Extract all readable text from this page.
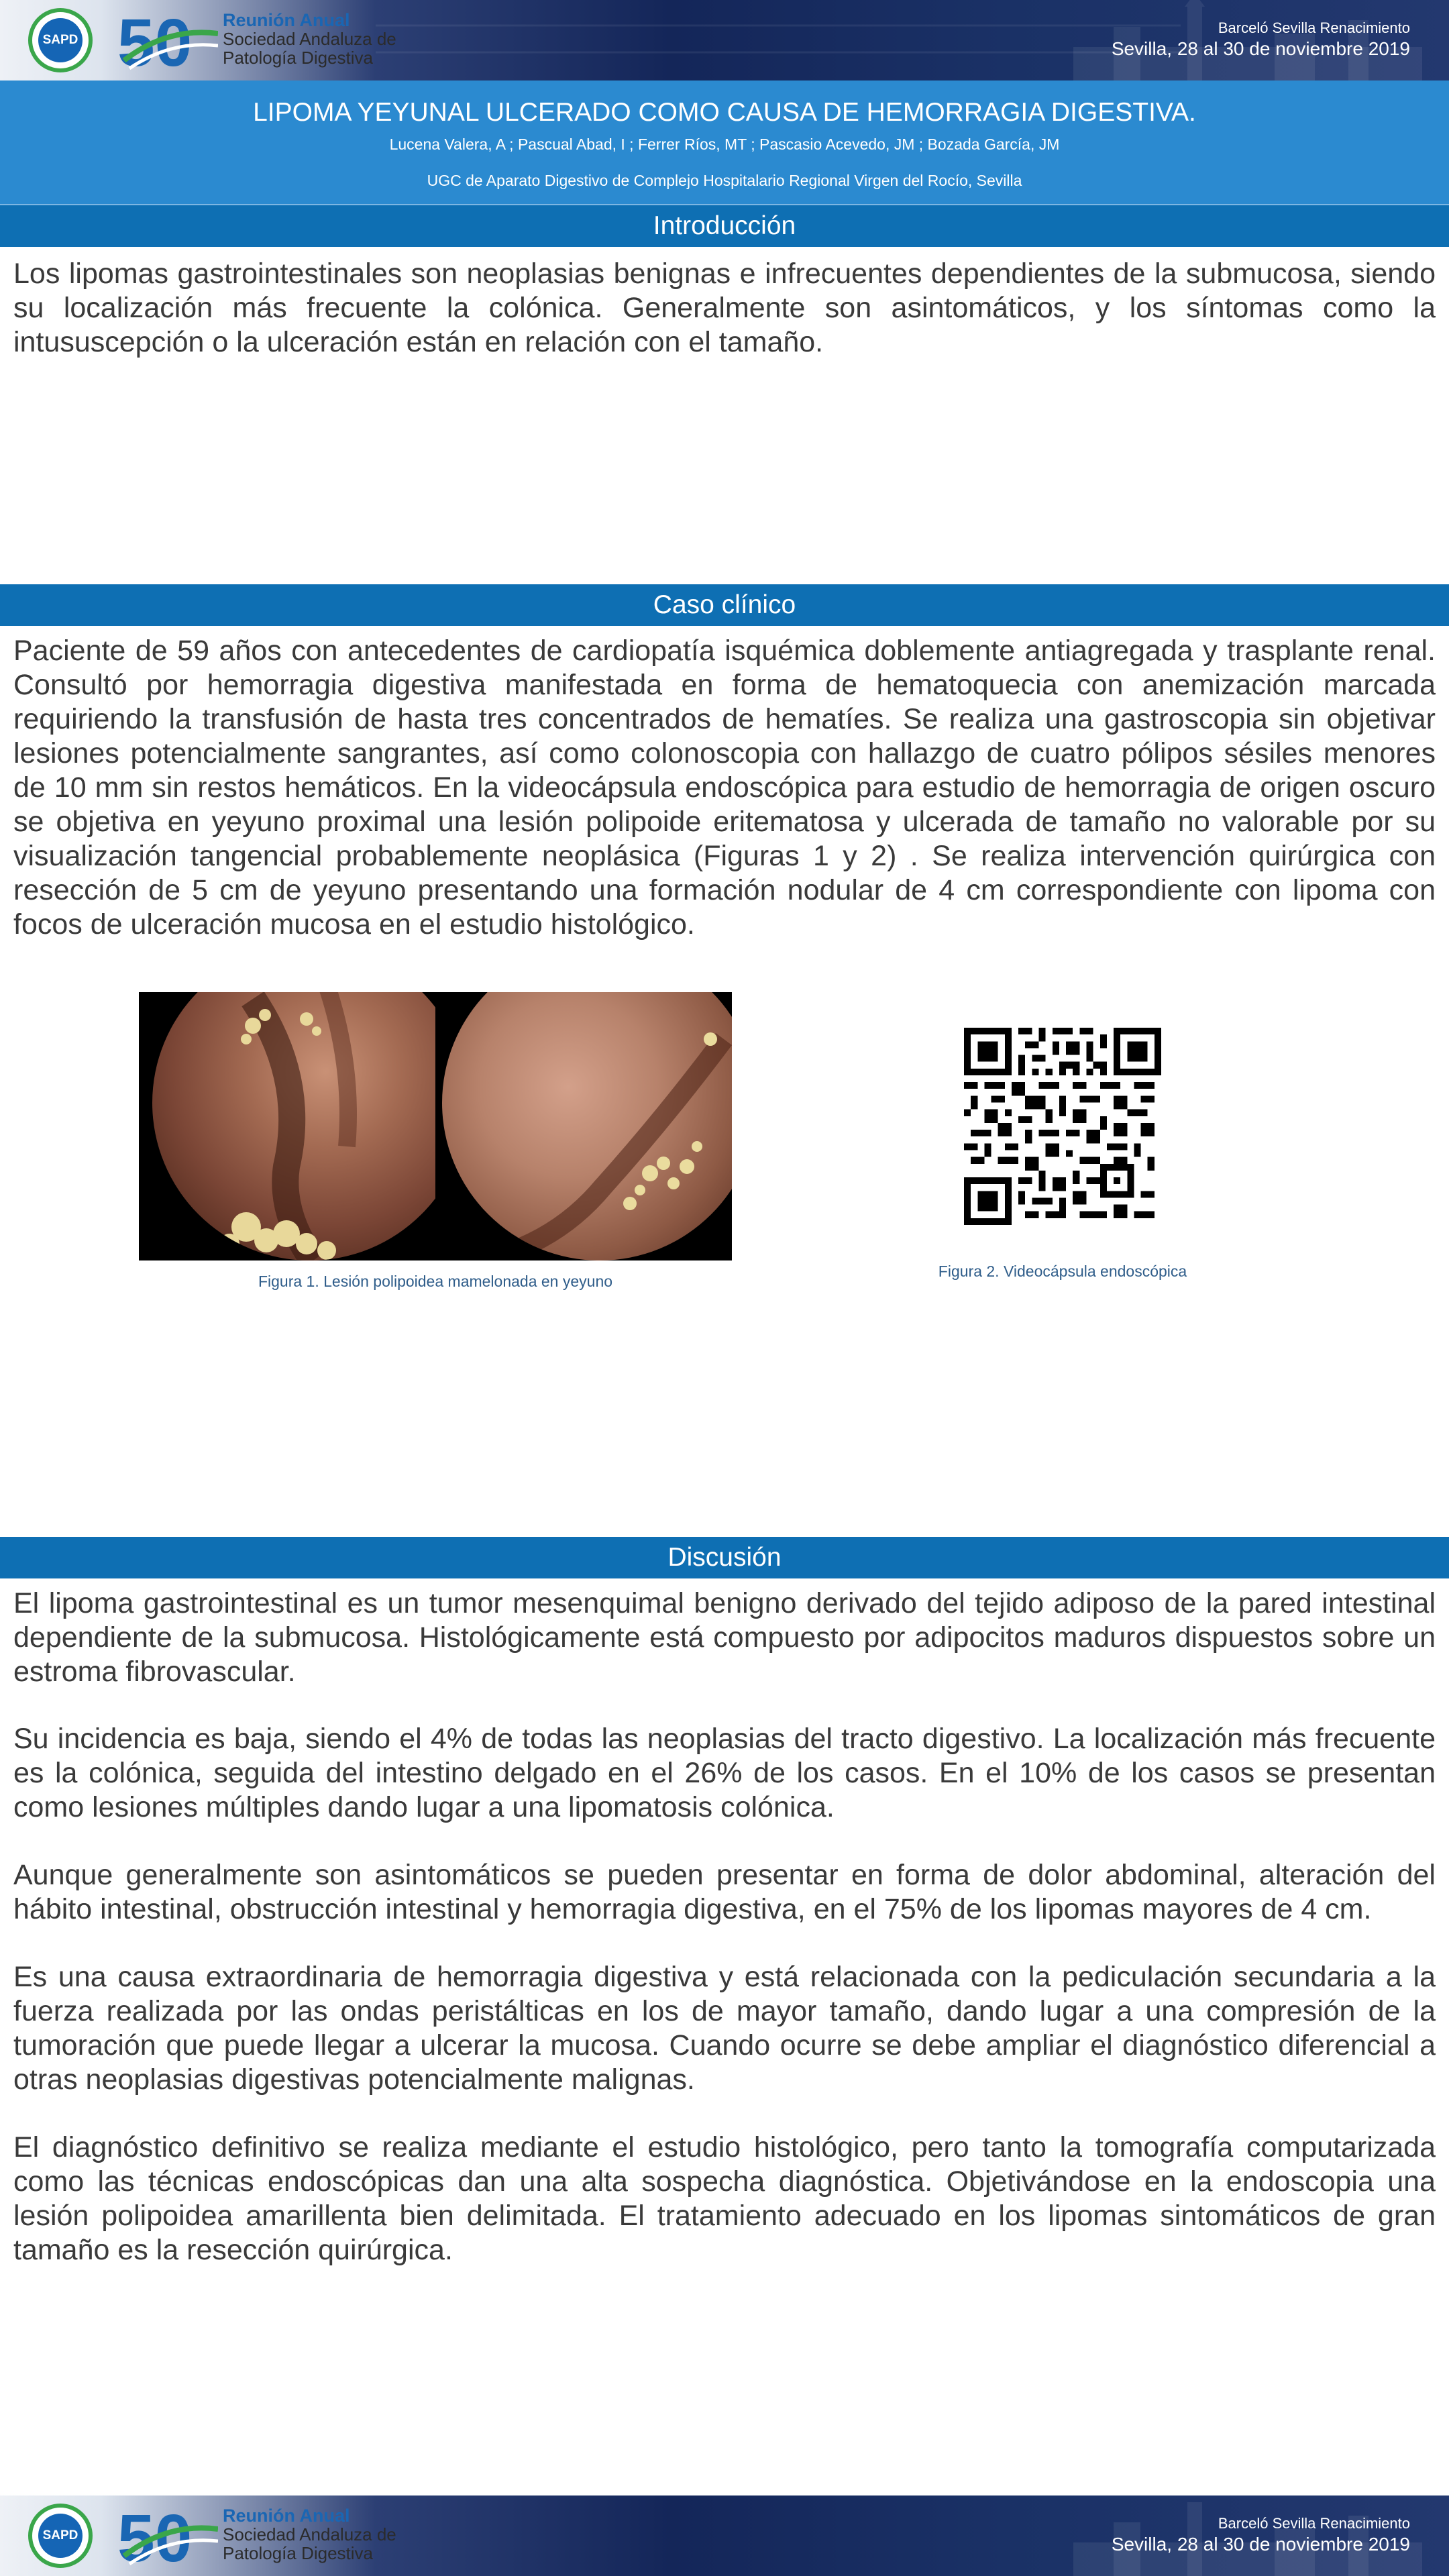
SAPD 50 Reunión Anual
Sociedad Andaluza de
Patología Digestiva
Barceló Sevilla Renacimiento
Sevilla, 28 al 30 de noviembre 2019
LIPOMA YEYUNAL ULCERADO COMO CAUSA DE HEMORRAGIA DIGESTIVA.
Lucena Valera, A ; Pascual Abad, I ; Ferrer Ríos, MT ; Pascasio Acevedo, JM ; Bozada García, JM
UGC de Aparato Digestivo de Complejo Hospitalario Regional Virgen del Rocío, Sevilla
Introducción

Los lipomas gastrointestinales son neoplasias benignas e infrecuentes dependientes de la submucosa, siendo su localización más frecuente la colónica. Generalmente son asintomáticos, y los síntomas como la intususcepción o la ulceración están en relación con el tamaño.

Caso clínico

Paciente de 59 años con antecedentes de cardiopatía isquémica doblemente antiagregada y trasplante renal. Consultó por hemorragia digestiva manifestada en forma de hematoquecia con anemización marcada requiriendo la transfusión de hasta tres concentrados de hematíes. Se realiza una gastroscopia sin objetivar lesiones potencialmente sangrantes, así como colonoscopia con hallazgo de cuatro pólipos sésiles menores de 10 mm sin restos hemáticos. En la videocápsula endoscópica para estudio de hemorragia de origen oscuro se objetiva en yeyuno proximal una lesión polipoide eritematosa y ulcerada de tamaño no valorable por su visualización tangencial probablemente neoplásica (Figuras 1 y 2) . Se realiza intervención quirúrgica con resección de 5 cm de yeyuno presentando una formación nodular de 4 cm correspondiente con lipoma con focos de ulceración mucosa en el estudio histológico.

Figura 1. Lesión polipoidea mamelonada en yeyuno
Figura 2. Videocápsula endoscópica
Discusión

El lipoma gastrointestinal es un tumor mesenquimal benigno derivado del tejido adiposo de la pared intestinal dependiente de la submucosa. Histológicamente está compuesto por adipocitos maduros dispuestos sobre un estroma fibrovascular.

Su incidencia es baja, siendo el 4% de todas las neoplasias del tracto digestivo. La localización más frecuente es la colónica, seguida del intestino delgado en el 26% de los casos. En el 10% de los casos se presentan como lesiones múltiples dando lugar a una lipomatosis colónica.

Aunque generalmente son asintomáticos se pueden presentar en forma de dolor abdominal, alteración del hábito intestinal, obstrucción intestinal y hemorragia digestiva, en el 75% de los lipomas mayores de 4 cm.

Es una causa extraordinaria de hemorragia digestiva y está relacionada con la pediculación secundaria a la fuerza realizada por las ondas peristálticas en los de mayor tamaño, dando lugar a una compresión de la tumoración que puede llegar a ulcerar la mucosa. Cuando ocurre se debe ampliar el diagnóstico diferencial a otras neoplasias digestivas potencialmente malignas.

El diagnóstico definitivo se realiza mediante el estudio histológico, pero tanto la tomografía computarizada como las técnicas endoscópicas dan una alta sospecha diagnóstica. Objetivándose en la endoscopia una lesión polipoidea amarillenta bien delimitada. El tratamiento adecuado en los lipomas sintomáticos de gran tamaño es la resección quirúrgica.

SAPD 50 Reunión Anual
Sociedad Andaluza de
Patología Digestiva
Barceló Sevilla Renacimiento
Sevilla, 28 al 30 de noviembre 2019
